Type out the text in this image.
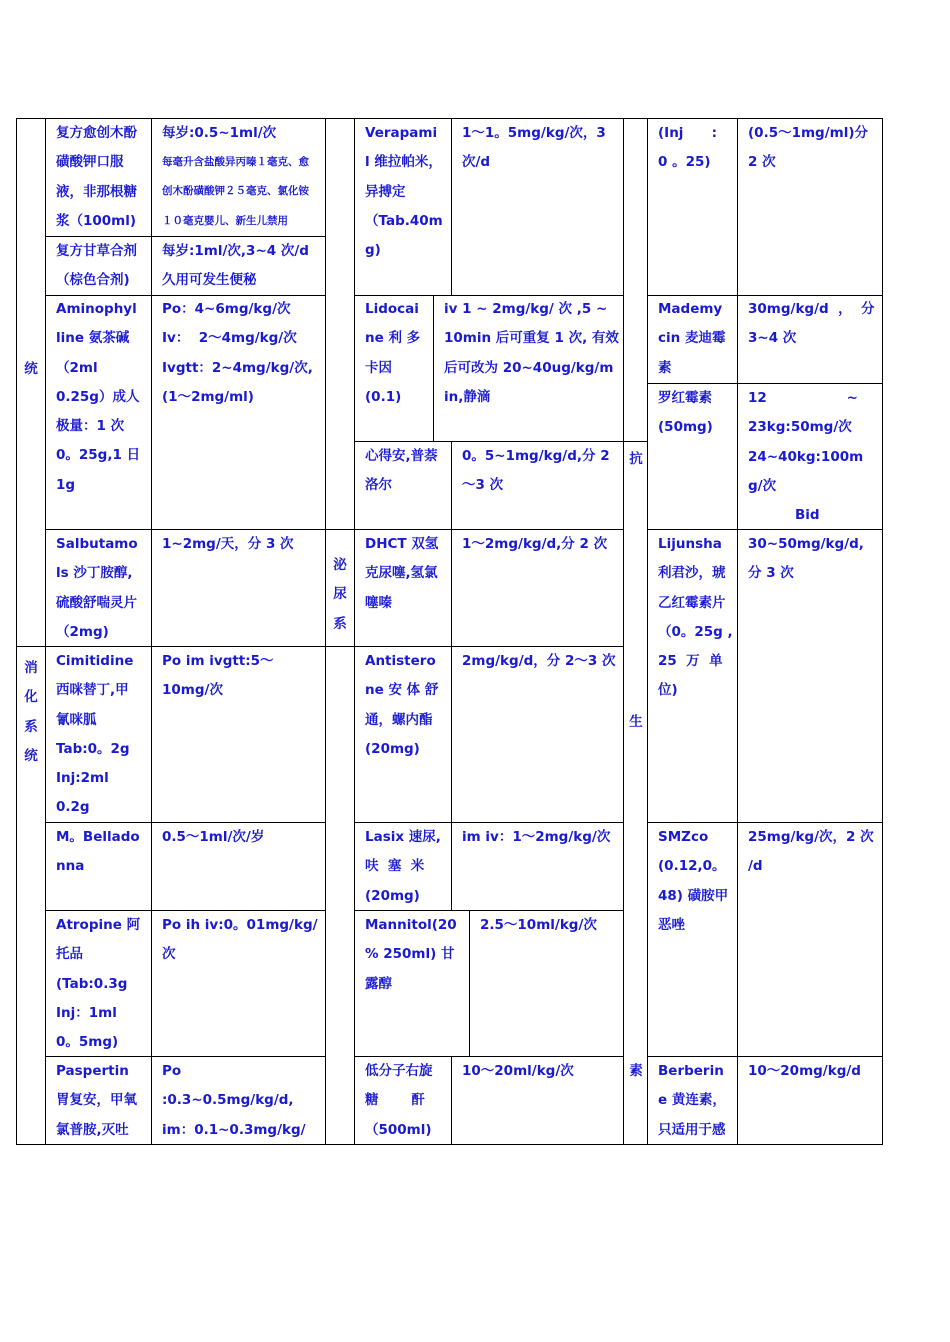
统
消
化
系
统
泌
尿
系
抗
生
素
复方愈创木酚
磺酸钾口服
液，非那根糖
浆（100ml)
每岁:0.5~1ml/次
每毫升含盐酸异丙嗪１毫克、愈
创木酚磺酸钾２５毫克、氯化铵
１０毫克婴儿、新生儿禁用
复方甘草合剂
（棕色合剂)
每岁:1ml/次,3~4 次/d
久用可发生便秘
Aminophyl
line 氨茶碱
（2ml
0.25g）成人
极量：1 次
0。25g,1 日
1g
Po：4~6mg/kg/次
Iv：  2～4mg/kg/次
Ivgtt：2~4mg/kg/次,
(1～2mg/ml)
Salbutamo
ls 沙丁胺醇,
硫酸舒喘灵片
（2mg)
1~2mg/天，分 3 次
Cimitidine
西咪替丁,甲
氰咪胍
Tab:0。2g
Inj:2ml
0.2g
Po im ivgtt:5～
10mg/次
M。Bellado
nna
0.5～1ml/次/岁
Atropine 阿
托品
(Tab:0.3g
Inj：1ml
0。5mg)
Po ih iv:0。01mg/kg/
次
Paspertin
胃复安，甲氧
氯普胺,灭吐
Po
:0.3~0.5mg/kg/d,
im：0.1~0.3mg/kg/
Verapami
l 维拉帕米，
异搏定
（Tab.40m
g)
1～1。5mg/kg/次，3
次/d
Lidocai
ne 利 多
卡因
(0.1)
iv 1 ~ 2mg/kg/ 次 ,5 ~
10min 后可重复 1 次, 有效
后可改为 20~40ug/kg/m
in,静滴
心得安,普萘
洛尔
0。5~1mg/kg/d,分 2
～3 次
DHCT 双氢
克尿噻,氢氯
噻嗪
1～2mg/kg/d,分 2 次
Antistero
ne 安 体 舒
通，螺内酯
(20mg)
2mg/kg/d，分 2～3 次
Lasix 速尿,
呋  塞  米
(20mg)
im iv：1～2mg/kg/次
Mannitol(20
% 250ml) 甘
露醇
2.5～10ml/kg/次
低分子右旋
糖       酐
（500ml)
10～20ml/kg/次
(Inj      :
0 。25)
(0.5～1mg/ml)分
2 次
Mademy
cin 麦迪霉
素
30mg/kg/d  ，  分
3~4 次
罗红霉素
(50mg)
12                 ~
23kg:50mg/次
24~40kg:100m
g/次
Bid
Lijunsha
利君沙，琥
乙红霉素片
（0。25g ,
25  万  单
位)
30~50mg/kg/d,
分 3 次
SMZco
(0.12,0。
48) 磺胺甲
恶唑
25mg/kg/次，2 次
/d
Berberin
e 黄连素，
只适用于感
10～20mg/kg/d
